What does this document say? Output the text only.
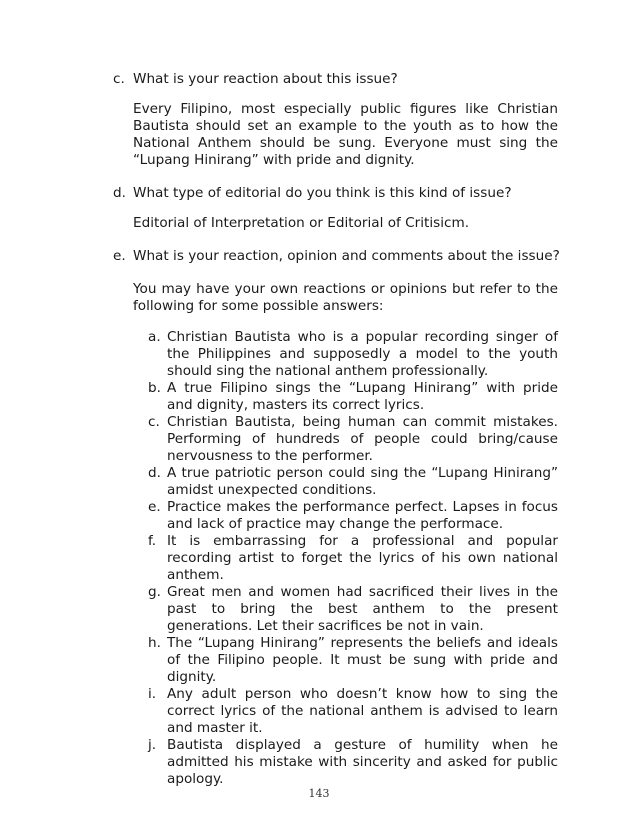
c. What is your reaction about this issue?
Every Filipino, most especially public figures like Christian Bautista should set an example to the youth as to how the National Anthem should be sung. Everyone must sing the “Lupang Hinirang” with pride and dignity.
d. What type of editorial do you think is this kind of issue?
Editorial of Interpretation or Editorial of Critisicm.
e. What is your reaction, opinion and comments about the issue?
You may have your own reactions or opinions but refer to the following for some possible answers:
a. Christian Bautista who is a popular recording singer of the Philippines and supposedly a model to the youth should sing the national anthem professionally.
b. A true Filipino sings the “Lupang Hinirang” with pride and dignity, masters its correct lyrics.
c. Christian Bautista, being human can commit mistakes. Performing of hundreds of people could bring/cause nervousness to the performer.
d. A true patriotic person could sing the “Lupang Hinirang” amidst unexpected conditions.
e. Practice makes the performance perfect. Lapses in focus and lack of practice may change the performace.
f. It is embarrassing for a professional and popular recording artist to forget the lyrics of his own national anthem.
g. Great men and women had sacrificed their lives in the past to bring the best anthem to the present generations. Let their sacrifices be not in vain.
h. The “Lupang Hinirang” represents the beliefs and ideals of the Filipino people. It must be sung with pride and dignity.
i. Any adult person who doesn’t know how to sing the correct lyrics of the national anthem is advised to learn and master it.
j. Bautista displayed a gesture of humility when he admitted his mistake with sincerity and asked for public apology.
143
